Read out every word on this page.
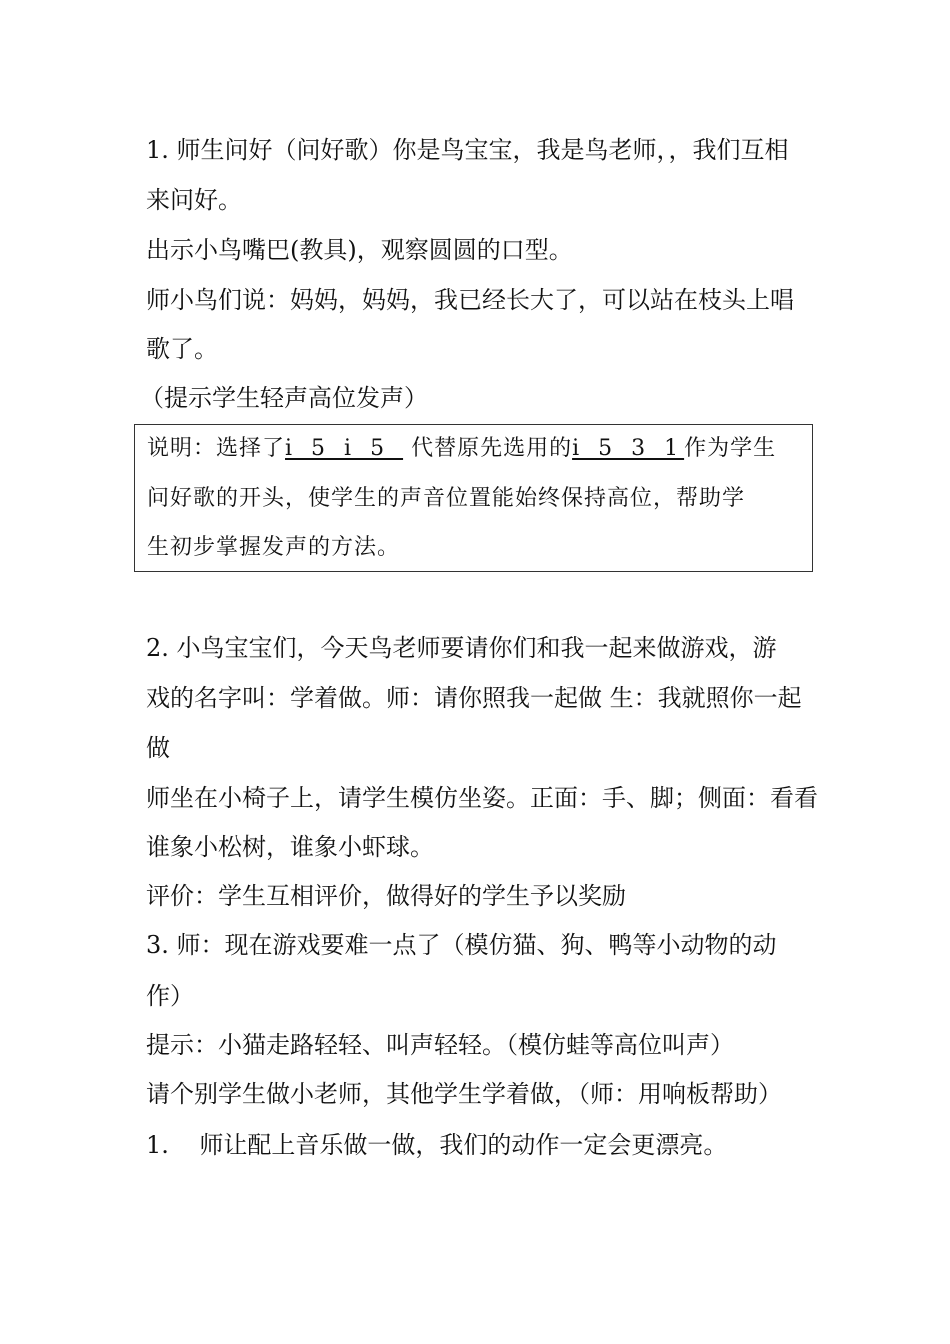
1. 师生问好（问好歌）你是鸟宝宝，我是鸟老师，，我们互相
来问好。
出示小鸟嘴巴(教具)，观察圆圆的口型。
师小鸟们说：妈妈，妈妈，我已经长大了，可以站在枝头上唱
歌了。
（提示学生轻声高位发声）
说明：选择了i 5 i 5  代替原先选用的i 5 3 1作为学生
问好歌的开头，使学生的声音位置能始终保持高位，帮助学
生初步掌握发声的方法。
2. 小鸟宝宝们，今天鸟老师要请你们和我一起来做游戏，游
戏的名字叫：学着做。师：请你照我一起做 生：我就照你一起
做
师坐在小椅子上，请学生模仿坐姿。正面：手、脚；侧面：看看
谁象小松树，谁象小虾球。
评价：学生互相评价，做得好的学生予以奖励
3. 师：现在游戏要难一点了（模仿猫、狗、鸭等小动物的动
作）
提示：小猫走路轻轻、叫声轻轻。（模仿蛙等高位叫声）
请个别学生做小老师，其他学生学着做，（师：用响板帮助）
1.    师让配上音乐做一做，我们的动作一定会更漂亮。
